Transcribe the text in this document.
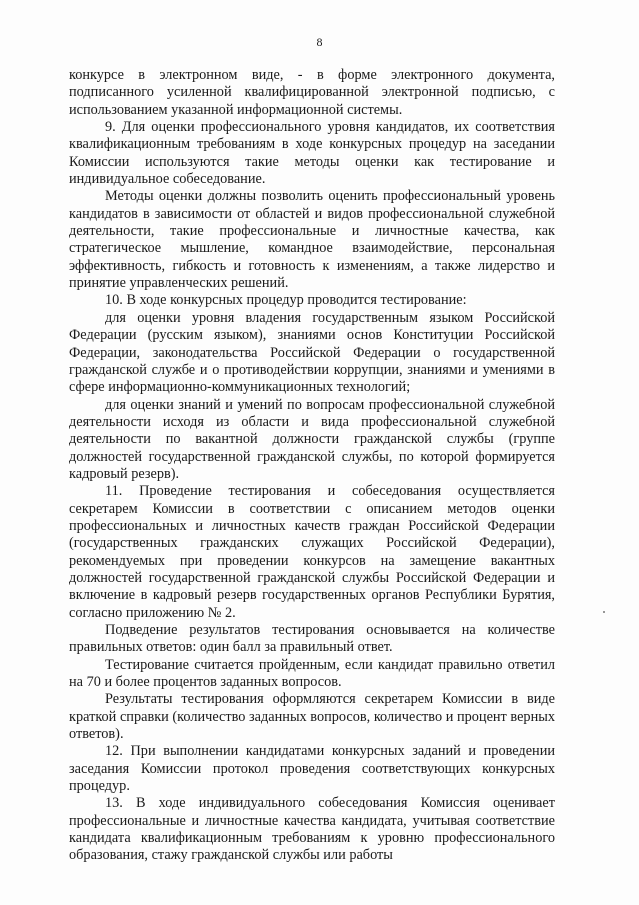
8

конкурсе в электронном виде, - в форме электронного документа, подписанного усиленной квалифицированной электронной подписью, с использованием указанной информационной системы.

9. Для оценки профессионального уровня кандидатов, их соответствия квалификационным требованиям в ходе конкурсных процедур на заседании Комиссии используются такие методы оценки как тестирование и индивидуальное собеседование.

Методы оценки должны позволить оценить профессиональный уровень кандидатов в зависимости от областей и видов профессиональной служебной деятельности, такие профессиональные и личностные качества, как стратегическое мышление, командное взаимодействие, персональная эффективность, гибкость и готовность к изменениям, а также лидерство и принятие управленческих решений.

10. В ходе конкурсных процедур проводится тестирование:

для оценки уровня владения государственным языком Российской Федерации (русским языком), знаниями основ Конституции Российской Федерации, законодательства Российской Федерации о государственной гражданской службе и о противодействии коррупции, знаниями и умениями в сфере информационно-коммуникационных технологий;

для оценки знаний и умений по вопросам профессиональной служебной деятельности исходя из области и вида профессиональной служебной деятельности по вакантной должности гражданской службы (группе должностей государственной гражданской службы, по которой формируется кадровый резерв).

11. Проведение тестирования и собеседования осуществляется секретарем Комиссии в соответствии с описанием методов оценки профессиональных и личностных качеств граждан Российской Федерации (государственных гражданских служащих Российской Федерации), рекомендуемых при проведении конкурсов на замещение вакантных должностей государственной гражданской службы Российской Федерации и включение в кадровый резерв государственных органов Республики Бурятия, согласно приложению № 2.

Подведение результатов тестирования основывается на количестве правильных ответов: один балл за правильный ответ.

Тестирование считается пройденным, если кандидат правильно ответил на 70 и более процентов заданных вопросов.

Результаты тестирования оформляются секретарем Комиссии в виде краткой справки (количество заданных вопросов, количество и процент верных ответов).

12. При выполнении кандидатами конкурсных заданий и проведении заседания Комиссии протокол проведения соответствующих конкурсных процедур.

13. В ходе индивидуального собеседования Комиссия оценивает профессиональные и личностные качества кандидата, учитывая соответствие кандидата квалификационным требованиям к уровню профессионального образования, стажу гражданской службы или работы
